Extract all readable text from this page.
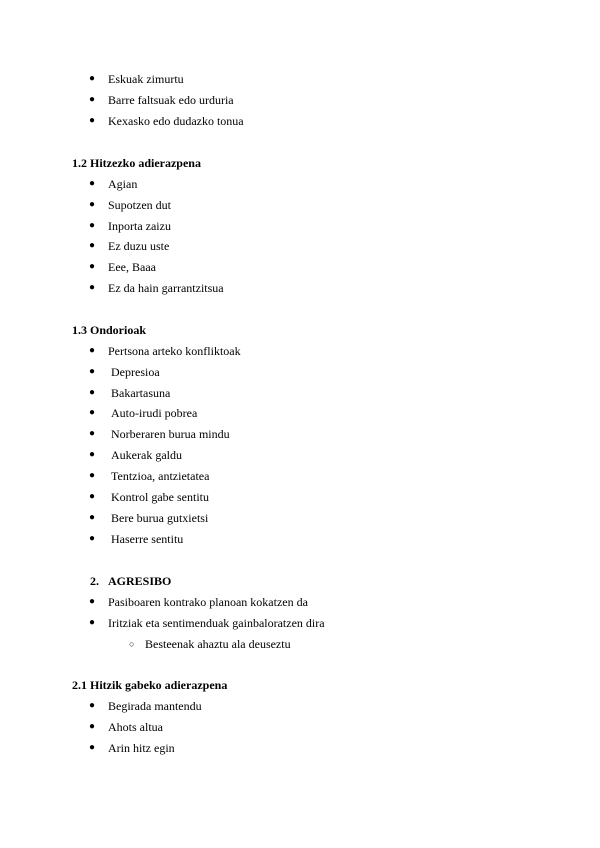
● Eskuak zimurtu
● Barre faltsuak edo urduria
● Kexasko edo dudazko tonua
1.2 Hitzezko adierazpena
● Agian
● Supotzen dut
● Inporta zaizu
● Ez duzu uste
● Eee, Baaa
● Ez da hain garrantzitsua
1.3 Ondorioak
● Pertsona arteko konfliktoak
● Depresioa
● Bakartasuna
● Auto-irudi pobrea
● Norberaren burua mindu
● Aukerak galdu
● Tentzioa, antzietatea
● Kontrol gabe sentitu
● Bere burua gutxietsi
● Haserre sentitu
2. AGRESIBO
● Pasiboaren kontrako planoan kokatzen da
● Iritziak eta sentimenduak gainbaloratzen dira
○ Besteenak ahaztu ala deuseztu
2.1 Hitzik gabeko adierazpena
● Begirada mantendu
● Ahots altua
● Arin hitz egin
